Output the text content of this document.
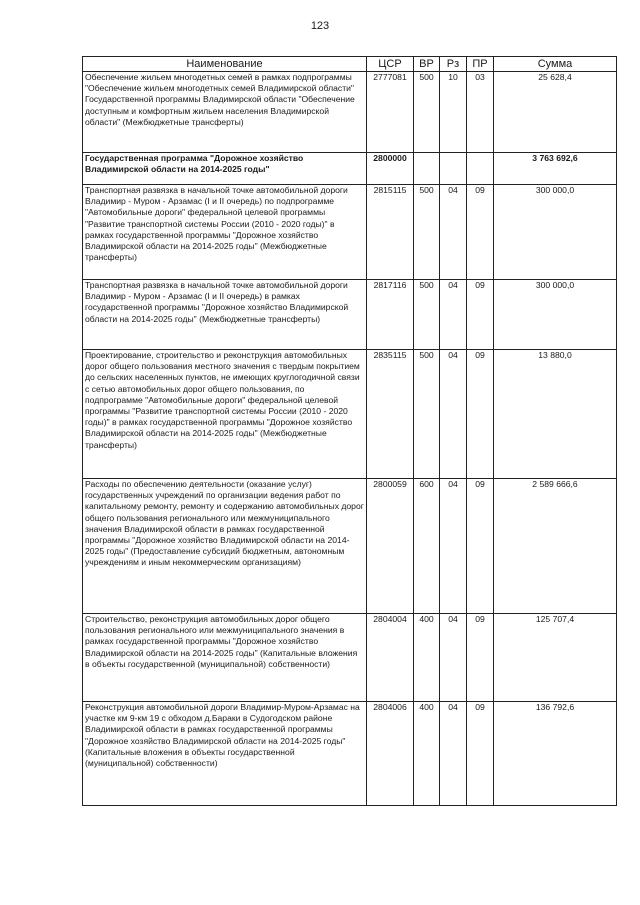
123
Наименование	ЦСР	ВР	Рз	ПР	Сумма
Обеспечение жильем многодетных семей в рамках подпрограммы "Обеспечение жильем многодетных семей Владимирской области" Государственной программы Владимирской области "Обеспечение доступным и комфортным жильем населения Владимирской области" (Межбюджетные трансферты)	2777081	500	10	03	25 628,4
Государственная программа "Дорожное хозяйство Владимирской области на 2014-2025 годы"	2800000				3 763 692,6
Транспортная развязка в начальной точке автомобильной дороги Владимир - Муром - Арзамас (I и II очередь) по подпрограмме "Автомобильные дороги" федеральной целевой программы "Развитие транспортной системы России (2010 - 2020 годы)" в рамках государственной программы "Дорожное хозяйство Владимирской области на 2014-2025 годы" (Межбюджетные трансферты)	2815115	500	04	09	300 000,0
Транспортная развязка в начальной точке автомобильной дороги Владимир - Муром - Арзамас (I и II очередь) в рамках государственной программы "Дорожное хозяйство Владимирской области на 2014-2025 годы" (Межбюджетные трансферты)	2817116	500	04	09	300 000,0
Проектирование, строительство и реконструкция автомобильных дорог общего пользования местного значения с твердым покрытием до сельских населенных пунктов, не имеющих круглогодичной связи с сетью автомобильных дорог общего пользования, по подпрограмме "Автомобильные дороги" федеральной целевой программы "Развитие транспортной системы России (2010 - 2020 годы)" в рамках государственной программы "Дорожное хозяйство Владимирской области на 2014-2025 годы" (Межбюджетные трансферты)	2835115	500	04	09	13 880,0
Расходы по обеспечению деятельности (оказание услуг) государственных учреждений по организации ведения работ по капитальному ремонту, ремонту и содержанию автомобильных дорог общего пользования регионального или межмуниципального значения Владимирской области в рамках государственной программы "Дорожное хозяйство Владимирской области на 2014-2025 годы" (Предоставление субсидий бюджетным, автономным учреждениям и иным некоммерческим организациям)	2800059	600	04	09	2 589 666,6
Строительство, реконструкция автомобильных дорог общего пользования регионального или межмуниципального значения в рамках государственной программы "Дорожное хозяйство Владимирской области на 2014-2025 годы" (Капитальные вложения в объекты государственной (муниципальной) собственности)	2804004	400	04	09	125 707,4
Реконструкция автомобильной дороги Владимир-Муром-Арзамас на участке км 9-км 19 с обходом д.Бараки в Судогодском районе Владимирской области в рамках государственной программы "Дорожное хозяйство Владимирской области на 2014-2025 годы" (Капитальные вложения в объекты государственной (муниципальной) собственности)	2804006	400	04	09	136 792,6
